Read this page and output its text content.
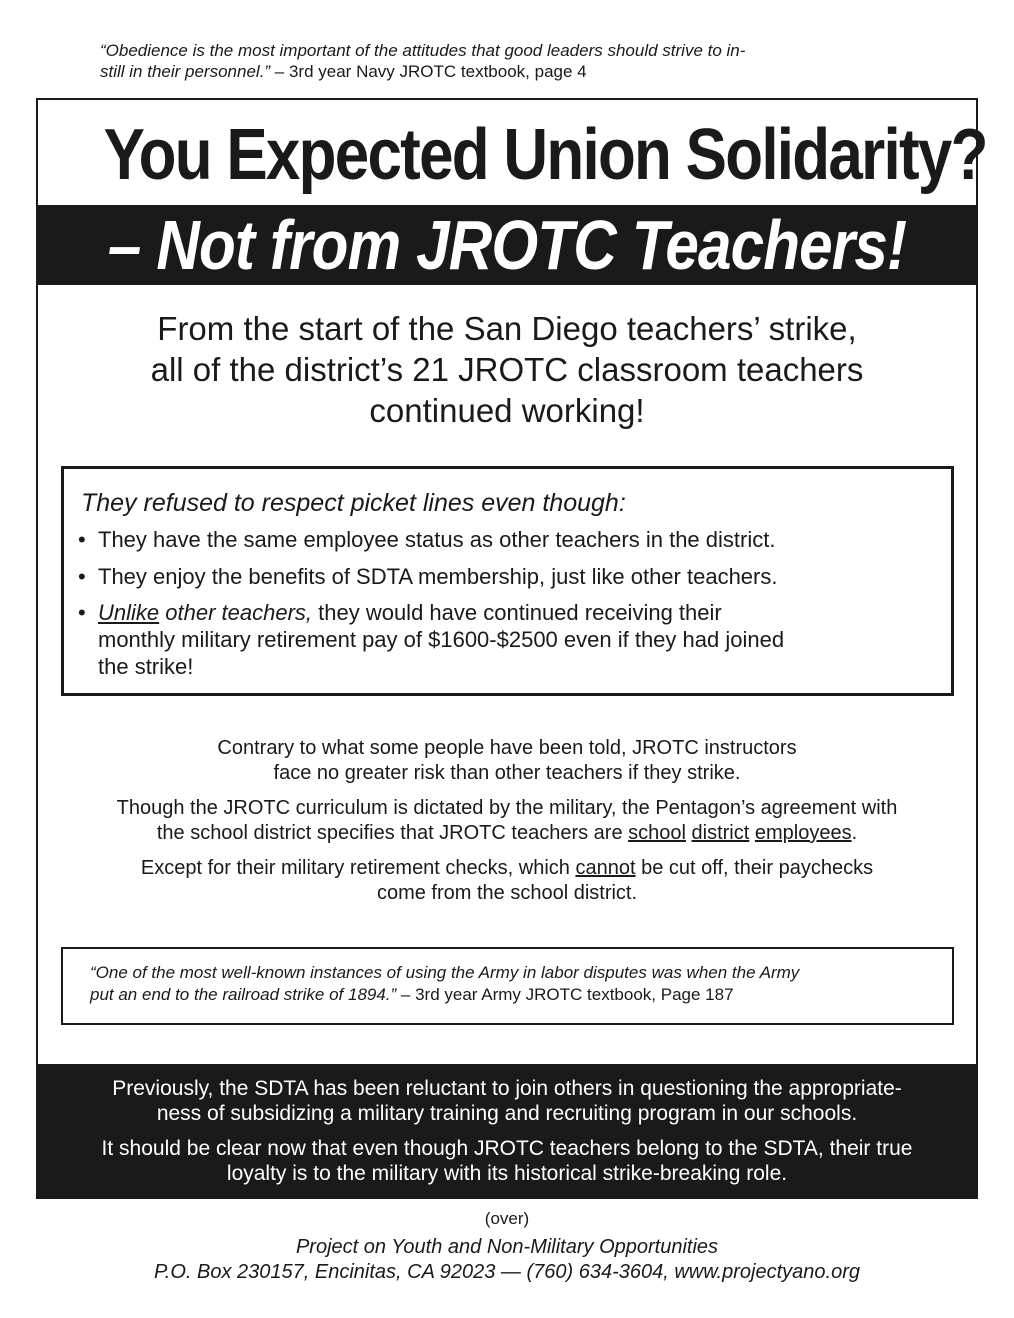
“Obedience is the most important of the attitudes that good leaders should strive to in-
still in their personnel.” – 3rd year Navy JROTC textbook, page 4
You Expected Union Solidarity?
– Not from JROTC Teachers!
From the start of the San Diego teachers’ strike,
all of the district’s 21 JROTC classroom teachers
continued working!
They refused to respect picket lines even though:
• They have the same employee status as other teachers in the district.
• They enjoy the benefits of SDTA membership, just like other teachers.
• Unlike other teachers, they would have continued receiving their
monthly military retirement pay of $1600-$2500 even if they had joined
the strike!
Contrary to what some people have been told, JROTC instructors
face no greater risk than other teachers if they strike.
Though the JROTC curriculum is dictated by the military, the Pentagon’s agreement with
the school district specifies that JROTC teachers are school district employees.
Except for their military retirement checks, which cannot be cut off, their paychecks
come from the school district.
“One of the most well-known instances of using the Army in labor disputes was when the Army
put an end to the railroad strike of 1894.” – 3rd year Army JROTC textbook, Page 187
Previously, the SDTA has been reluctant to join others in questioning the appropriate-
ness of subsidizing a military training and recruiting program in our schools.
It should be clear now that even though JROTC teachers belong to the SDTA, their true
loyalty is to the military with its historical strike-breaking role.
(over)
Project on Youth and Non-Military Opportunities
P.O. Box 230157, Encinitas, CA 92023 — (760) 634-3604, www.projectyano.org
